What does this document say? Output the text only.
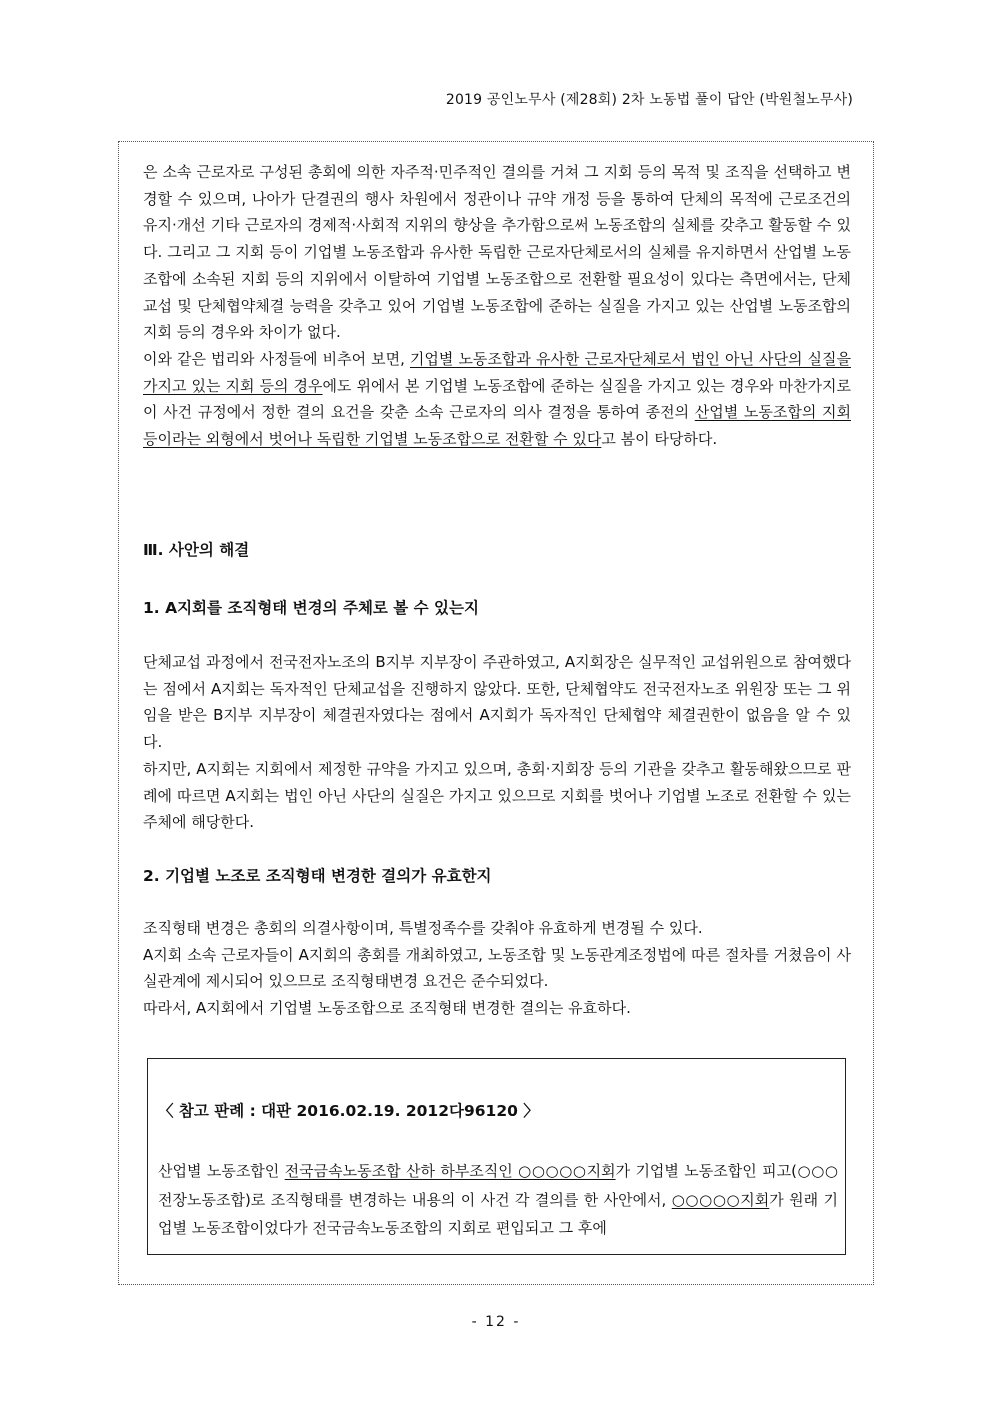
2019 공인노무사 (제28회) 2차 노동법 풀이 답안 (박원철노무사)

은 소속 근로자로 구성된 총회에 의한 자주적·민주적인 결의를 거쳐 그 지회 등의 목적 및 조직을 선택하고 변경할 수 있으며, 나아가 단결권의 행사 차원에서 정관이나 규약 개정 등을 통하여 단체의 목적에 근로조건의 유지·개선 기타 근로자의 경제적·사회적 지위의 향상을 추가함으로써 노동조합의 실체를 갖추고 활동할 수 있다. 그리고 그 지회 등이 기업별 노동조합과 유사한 독립한 근로자단체로서의 실체를 유지하면서 산업별 노동조합에 소속된 지회 등의 지위에서 이탈하여 기업별 노동조합으로 전환할 필요성이 있다는 측면에서는, 단체교섭 및 단체협약체결 능력을 갖추고 있어 기업별 노동조합에 준하는 실질을 가지고 있는 산업별 노동조합의 지회 등의 경우와 차이가 없다.

이와 같은 법리와 사정들에 비추어 보면, 기업별 노동조합과 유사한 근로자단체로서 법인 아닌 사단의 실질을 가지고 있는 지회 등의 경우에도 위에서 본 기업별 노동조합에 준하는 실질을 가지고 있는 경우와 마찬가지로 이 사건 규정에서 정한 결의 요건을 갖춘 소속 근로자의 의사 결정을 통하여 종전의 산업별 노동조합의 지회 등이라는 외형에서 벗어나 독립한 기업별 노동조합으로 전환할 수 있다고 봄이 타당하다.

Ⅲ. 사안의 해결
1. A지회를 조직형태 변경의 주체로 볼 수 있는지

단체교섭 과정에서 전국전자노조의 B지부 지부장이 주관하였고, A지회장은 실무적인 교섭위원으로 참여했다는 점에서 A지회는 독자적인 단체교섭을 진행하지 않았다. 또한, 단체협약도 전국전자노조 위원장 또는 그 위임을 받은 B지부 지부장이 체결권자였다는 점에서 A지회가 독자적인 단체협약 체결권한이 없음을 알 수 있다.

하지만, A지회는 지회에서 제정한 규약을 가지고 있으며, 총회·지회장 등의 기관을 갖추고 활동해왔으므로 판례에 따르면 A지회는 법인 아닌 사단의 실질은 가지고 있으므로 지회를 벗어나 기업별 노조로 전환할 수 있는 주체에 해당한다.

2. 기업별 노조로 조직형태 변경한 결의가 유효한지

조직형태 변경은 총회의 의결사항이며, 특별정족수를 갖춰야 유효하게 변경될 수 있다.

A지회 소속 근로자들이 A지회의 총회를 개최하였고, 노동조합 및 노동관계조정법에 따른 절차를 거쳤음이 사실관계에 제시되어 있으므로 조직형태변경 요건은 준수되었다.

따라서, A지회에서 기업별 노동조합으로 조직형태 변경한 결의는 유효하다.

〈 참고 판례 : 대판 2016.02.19. 2012다96120 〉

산업별 노동조합인 전국금속노동조합 산하 하부조직인 ○○○○○지회가 기업별 노동조합인 피고(○○○전장노동조합)로 조직형태를 변경하는 내용의 이 사건 각 결의를 한 사안에서, ○○○○○지회가 원래 기업별 노동조합이었다가 전국금속노동조합의 지회로 편입되고 그 후에

- 12 -
